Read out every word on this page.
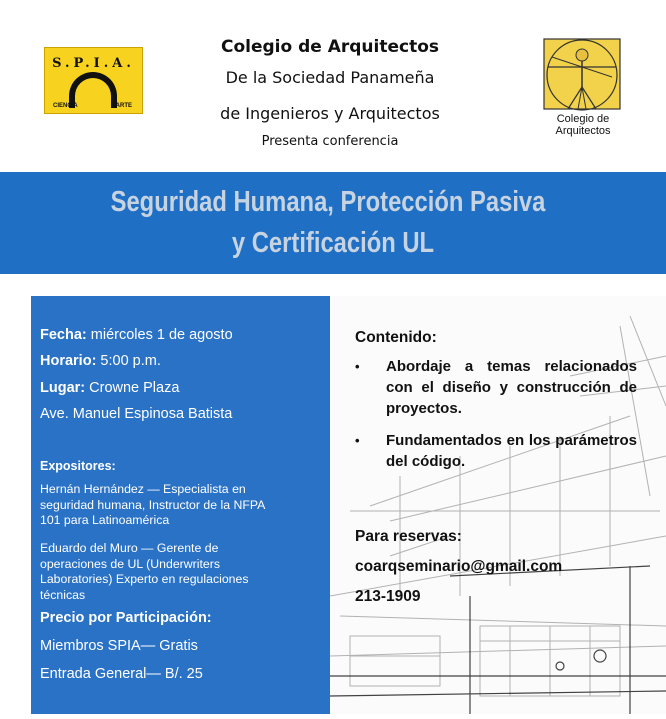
S.P.I.A.
CIENCIA	ARTE
Colegio de Arquitectos
De la Sociedad Panameña
de Ingenieros y Arquitectos
Presenta conferencia
Colegio de
Arquitectos
Seguridad Humana, Protección Pasiva
y Certificación UL
Fecha: miércoles 1 de agosto
Horario: 5:00 p.m.
Lugar: Crowne Plaza
Ave. Manuel Espinosa Batista
Expositores:
Hernán Hernández — Especialista en seguridad humana, Instructor de la NFPA 101 para Latinoamérica
Eduardo del Muro — Gerente de operaciones de UL (Underwriters Laboratories) Experto en regulaciones técnicas
Precio por Participación:
Miembros SPIA— Gratis
Entrada General— B/. 25
Contenido:
• Abordaje a temas relacionados con el diseño y construcción de proyectos.
• Fundamentados en los parámetros del código.
Para reservas:
coarqseminario@gmail.com
213-1909
